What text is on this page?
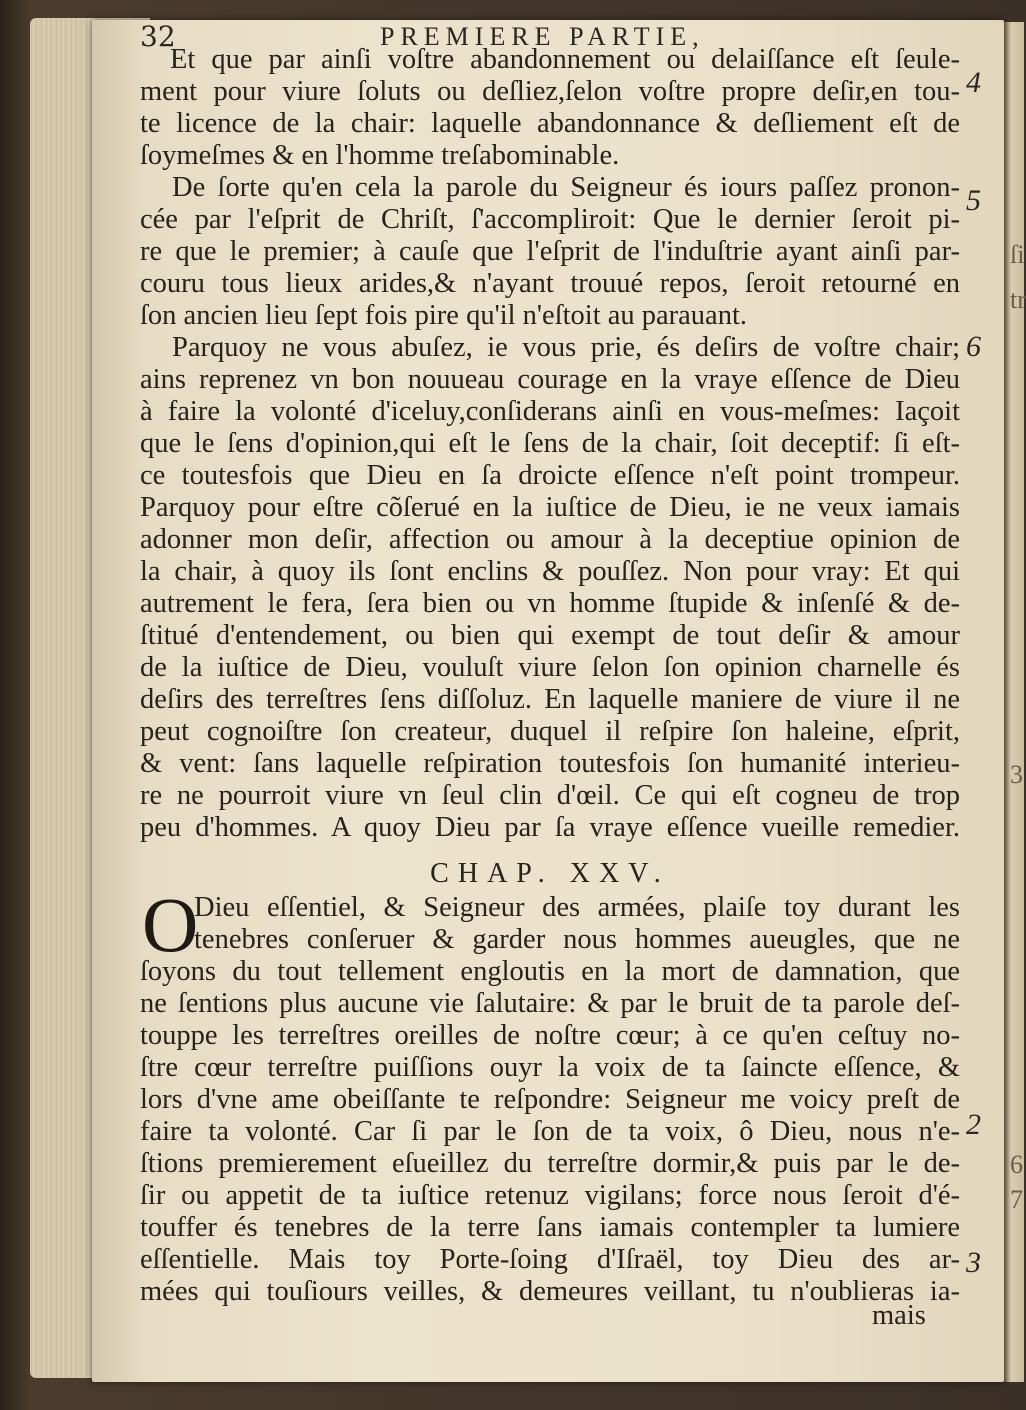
ſi
tr
3
6
7
32	PREMIERE PARTIE,
Et que par ainſi voſtre abandonnement ou delaiſſance eſt ſeule-
ment pour viure ſoluts ou deſliez,ſelon voſtre propre deſir,en tou-
te licence de la chair: laquelle abandonnance & deſliement eſt de
ſoymeſmes & en l'homme treſabominable.
De ſorte qu'en cela la parole du Seigneur és iours paſſez pronon-
cée par l'eſprit de Chriſt, ſ'accompliroit: Que le dernier ſeroit pi-
re que le premier; à cauſe que l'eſprit de l'induſtrie ayant ainſi par-
couru tous lieux arides,& n'ayant trouué repos, ſeroit retourné en
ſon ancien lieu ſept fois pire qu'il n'eſtoit au parauant.
Parquoy ne vous abuſez, ie vous prie, és deſirs de voſtre chair;
ains reprenez vn bon nouueau courage en la vraye eſſence de Dieu
à faire la volonté d'iceluy,conſiderans ainſi en vous-meſmes: Iaçoit
que le ſens d'opinion,qui eſt le ſens de la chair, ſoit deceptif: ſi eſt-
ce toutesfois que Dieu en ſa droicte eſſence n'eſt point trompeur.
Parquoy pour eſtre cõſerué en la iuſtice de Dieu, ie ne veux iamais
adonner mon deſir, affection ou amour à la deceptiue opinion de
la chair, à quoy ils ſont enclins & pouſſez. Non pour vray: Et qui
autrement le fera, ſera bien ou vn homme ſtupide & inſenſé & de-
ſtitué d'entendement, ou bien qui exempt de tout deſir & amour
de la iuſtice de Dieu, vouluſt viure ſelon ſon opinion charnelle és
deſirs des terreſtres ſens diſſoluz. En laquelle maniere de viure il ne
peut cognoiſtre ſon createur, duquel il reſpire ſon haleine, eſprit,
& vent: ſans laquelle reſpiration toutesfois ſon humanité interieu-
re ne pourroit viure vn ſeul clin d'œil. Ce qui eſt cogneu de trop
peu d'hommes. A quoy Dieu par ſa vraye eſſence vueille remedier.
CHAP. XXV.
O
Dieu eſſentiel, & Seigneur des armées, plaiſe toy durant les
tenebres conſeruer & garder nous hommes aueugles, que ne
ſoyons du tout tellement engloutis en la mort de damnation, que
ne ſentions plus aucune vie ſalutaire: & par le bruit de ta parole deſ-
touppe les terreſtres oreilles de noſtre cœur; à ce qu'en ceſtuy no-
ſtre cœur terreſtre puiſſions ouyr la voix de ta ſaincte eſſence, &
lors d'vne ame obeiſſante te reſpondre: Seigneur me voicy preſt de
faire ta volonté. Car ſi par le ſon de ta voix, ô Dieu, nous n'e-
ſtions premierement eſueillez du terreſtre dormir,& puis par le de-
ſir ou appetit de ta iuſtice retenuz vigilans; force nous ſeroit d'é-
touffer és tenebres de la terre ſans iamais contempler ta lumiere
eſſentielle. Mais toy Porte-ſoing d'Iſraël, toy Dieu des ar-
mées qui touſiours veilles, & demeures veillant, tu n'oublieras ia-
mais
4
5
6
2
3
